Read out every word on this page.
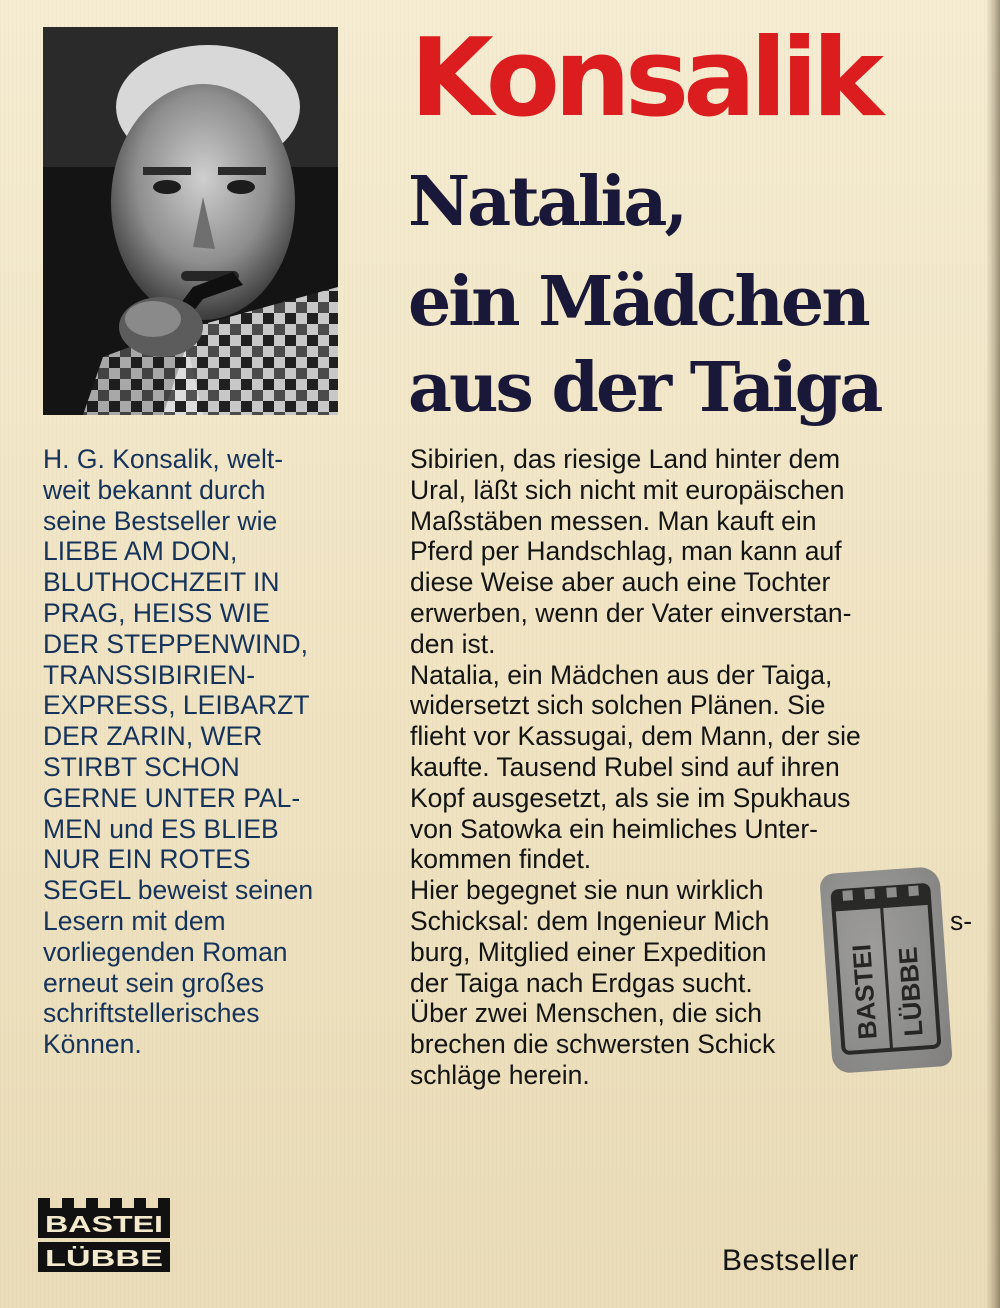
Konsalik
Natalia,
ein Mädchen
aus der Taiga

H. G. Konsalik, welt-
weit bekannt durch
seine Bestseller wie
LIEBE AM DON,
BLUTHOCHZEIT IN
PRAG, HEISS WIE
DER STEPPENWIND,
TRANSSIBIRIEN-
EXPRESS, LEIBARZT
DER ZARIN, WER
STIRBT SCHON
GERNE UNTER PAL-
MEN und ES BLIEB
NUR EIN ROTES
SEGEL beweist seinen
Lesern mit dem
vorliegenden Roman
erneut sein großes
schriftstellerisches
Können.

Sibirien, das riesige Land hinter dem
Ural, läßt sich nicht mit europäischen
Maßstäben messen. Man kauft ein
Pferd per Handschlag, man kann auf
diese Weise aber auch eine Tochter
erwerben, wenn der Vater einverstan-
den ist.
Natalia, ein Mädchen aus der Taiga,
widersetzt sich solchen Plänen. Sie
flieht vor Kassugai, dem Mann, der sie
kaufte. Tausend Rubel sind auf ihren
Kopf ausgesetzt, als sie im Spukhaus
von Satowka ein heimliches Unter-
kommen findet.
Hier begegnet sie nun wirklich
Schicksal: dem Ingenieur Mich
burg, Mitglied einer Expedition
der Taiga nach Erdgas sucht.
Über zwei Menschen, die sich
brechen die schwersten Schick
schläge herein.

s-
BASTEI LÜBBE
BASTEI
LÜBBE	Bestseller
